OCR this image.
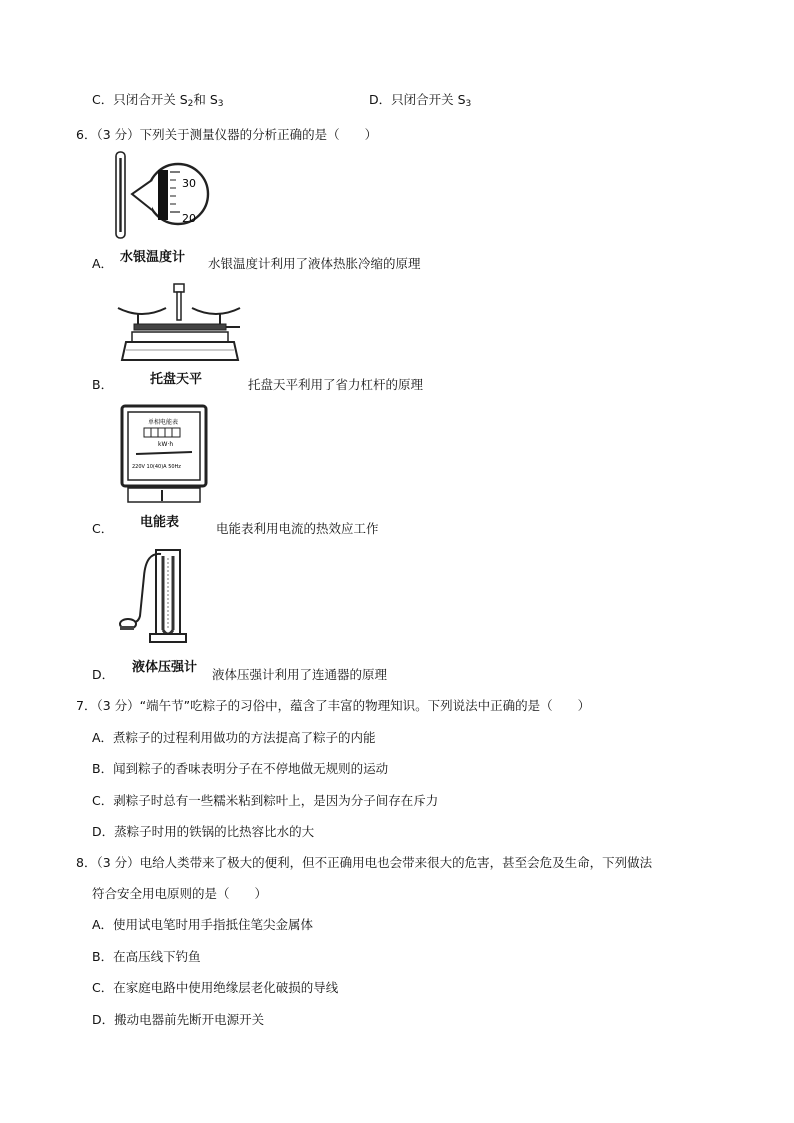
C．只闭合开关 $S_2$和 $S_3$	D．只闭合开关 $S_3$
6．（3 分）下列关于测量仪器的分析正确的是（　　）
30
20
水银温度计
A．	水银温度计利用了液体热胀冷缩的原理
托盘天平
B．	托盘天平利用了省力杠杆的原理
单相电能表
kW·h
220V 10(40)A 50Hz
电能表
C．	电能表利用电流的热效应工作
液体压强计
D．	液体压强计利用了连通器的原理
7．（3 分）“端午节”吃粽子的习俗中，蕴含了丰富的物理知识。下列说法中正确的是（　　）
A．煮粽子的过程利用做功的方法提高了粽子的内能
B．闻到粽子的香味表明分子在不停地做无规则的运动
C．剥粽子时总有一些糯米粘到粽叶上，是因为分子间存在斥力
D．蒸粽子时用的铁锅的比热容比水的大
8．（3 分）电给人类带来了极大的便利，但不正确用电也会带来很大的危害，甚至会危及生命，下列做法
符合安全用电原则的是（　　）
A．使用试电笔时用手指抵住笔尖金属体
B．在高压线下钓鱼
C．在家庭电路中使用绝缘层老化破损的导线
D．搬动电器前先断开电源开关
